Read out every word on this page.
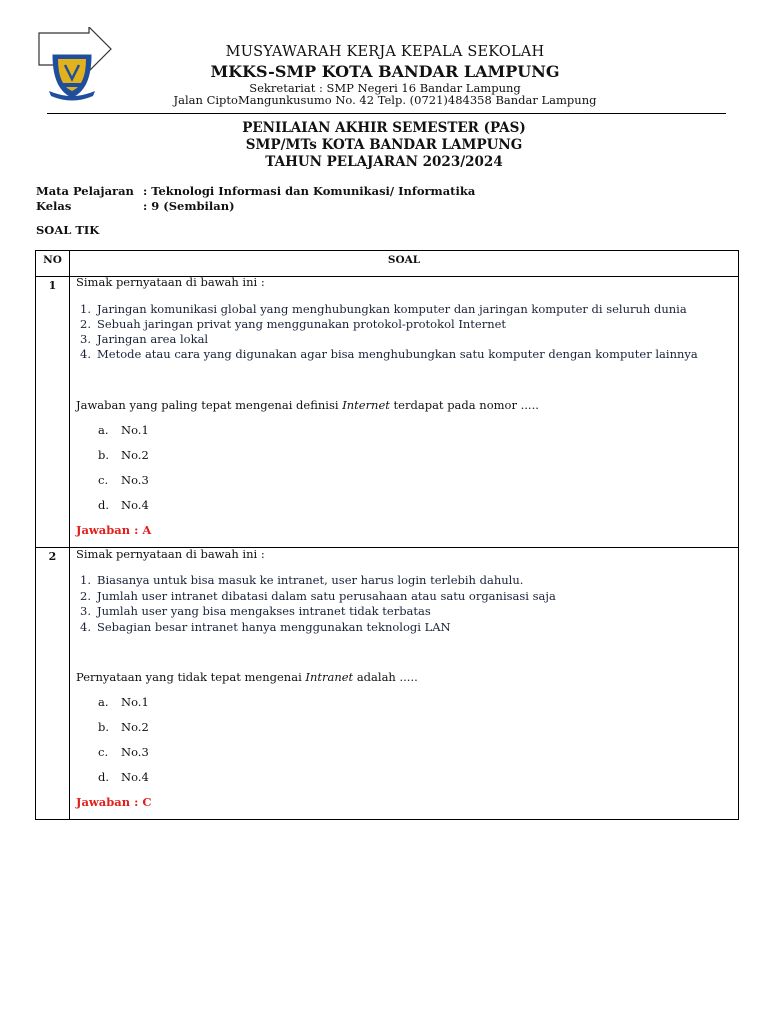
MUSYAWARAH KERJA KEPALA SEKOLAH
MKKS-SMP KOTA BANDAR LAMPUNG
Sekretariat : SMP Negeri 16 Bandar Lampung
Jalan CiptoMangunkusumo No. 42 Telp. (0721)484358 Bandar Lampung
PENILAIAN AKHIR SEMESTER (PAS)
SMP/MTs KOTA BANDAR LAMPUNG
TAHUN PELAJARAN 2023/2024
Mata Pelajaran : Teknologi Informasi dan Komunikasi/ Informatika
Kelas	: 9 (Sembilan)
SOAL TIK
NO	SOAL
1	Simak pernyataan di bawah ini :
1. Jaringan komunikasi global yang menghubungkan komputer dan jaringan komputer di seluruh dunia
2. Sebuah jaringan privat yang menggunakan protokol-protokol Internet
3. Jaringan area lokal
4. Metode atau cara yang digunakan agar bisa menghubungkan satu komputer dengan komputer lainnya
Jawaban yang paling tepat mengenai definisi Internet terdapat pada nomor .....
a. No.1
b. No.2
c. No.3
d. No.4
Jawaban : A
2	Simak pernyataan di bawah ini :
1. Biasanya untuk bisa masuk ke intranet, user harus login terlebih dahulu.
2. Jumlah user intranet dibatasi dalam satu perusahaan atau satu organisasi saja
3. Jumlah user yang bisa mengakses intranet tidak terbatas
4. Sebagian besar intranet hanya menggunakan teknologi LAN
Pernyataan yang tidak tepat mengenai Intranet adalah .....
a. No.1
b. No.2
c. No.3
d. No.4
Jawaban : C
